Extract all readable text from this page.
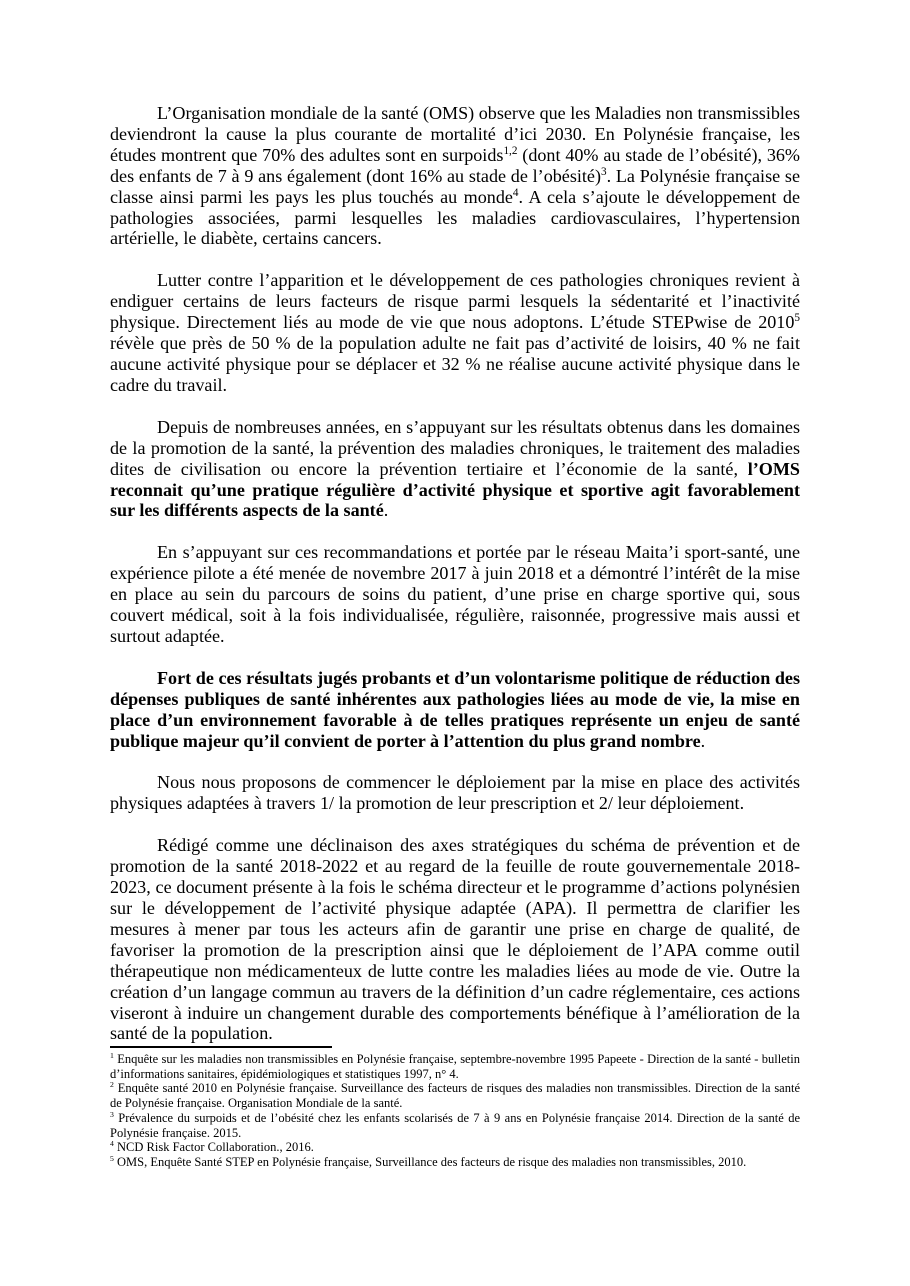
L’Organisation mondiale de la santé (OMS) observe que les Maladies non transmissibles deviendront la cause la plus courante de mortalité d’ici 2030. En Polynésie française, les études montrent que 70% des adultes sont en surpoids$^{1,2}$ (dont 40% au stade de l’obésité), 36% des enfants de 7 à 9 ans également (dont 16% au stade de l’obésité)$^3$. La Polynésie française se classe ainsi parmi les pays les plus touchés au monde$^4$. A cela s’ajoute le développement de pathologies associées, parmi lesquelles les maladies cardiovasculaires, l’hypertension artérielle, le diabète, certains cancers.

Lutter contre l’apparition et le développement de ces pathologies chroniques revient à endiguer certains de leurs facteurs de risque parmi lesquels la sédentarité et l’inactivité physique. Directement liés au mode de vie que nous adoptons. L’étude STEPwise de 2010$^5$ révèle que près de 50 % de la population adulte ne fait pas d’activité de loisirs, 40 % ne fait aucune activité physique pour se déplacer et 32 % ne réalise aucune activité physique dans le cadre du travail.

Depuis de nombreuses années, en s’appuyant sur les résultats obtenus dans les domaines de la promotion de la santé, la prévention des maladies chroniques, le traitement des maladies dites de civilisation ou encore la prévention tertiaire et l’économie de la santé, l’OMS reconnait qu’une pratique régulière d’activité physique et sportive agit favorablement sur les différents aspects de la santé.

En s’appuyant sur ces recommandations et portée par le réseau Maita’i sport-santé, une expérience pilote a été menée de novembre 2017 à juin 2018 et a démontré l’intérêt de la mise en place au sein du parcours de soins du patient, d’une prise en charge sportive qui, sous couvert médical, soit à la fois individualisée, régulière, raisonnée, progressive mais aussi et surtout adaptée.

Fort de ces résultats jugés probants et d’un volontarisme politique de réduction des dépenses publiques de santé inhérentes aux pathologies liées au mode de vie, la mise en place d’un environnement favorable à de telles pratiques représente un enjeu de santé publique majeur qu’il convient de porter à l’attention du plus grand nombre.

Nous nous proposons de commencer le déploiement par la mise en place des activités physiques adaptées à travers 1/ la promotion de leur prescription et 2/ leur déploiement.

Rédigé comme une déclinaison des axes stratégiques du schéma de prévention et de promotion de la santé 2018-2022 et au regard de la feuille de route gouvernementale 2018-2023, ce document présente à la fois le schéma directeur et le programme d’actions polynésien sur le développement de l’activité physique adaptée (APA). Il permettra de clarifier les mesures à mener par tous les acteurs afin de garantir une prise en charge de qualité, de favoriser la promotion de la prescription ainsi que le déploiement de l’APA comme outil thérapeutique non médicamenteux de lutte contre les maladies liées au mode de vie. Outre la création d’un langage commun au travers de la définition d’un cadre réglementaire, ces actions viseront à induire un changement durable des comportements bénéfique à l’amélioration de la santé de la population.

$^1$ Enquête sur les maladies non transmissibles en Polynésie française, septembre-novembre 1995 Papeete - Direction de la santé - bulletin d’informations sanitaires, épidémiologiques et statistiques 1997, n° 4.

$^2$ Enquête santé 2010 en Polynésie française. Surveillance des facteurs de risques des maladies non transmissibles. Direction de la santé de Polynésie française. Organisation Mondiale de la santé.

$^3$ Prévalence du surpoids et de l’obésité chez les enfants scolarisés de 7 à 9 ans en Polynésie française 2014. Direction de la santé de Polynésie française. 2015.

$^4$ NCD Risk Factor Collaboration., 2016.

$^5$ OMS, Enquête Santé STEP en Polynésie française, Surveillance des facteurs de risque des maladies non transmissibles, 2010.
